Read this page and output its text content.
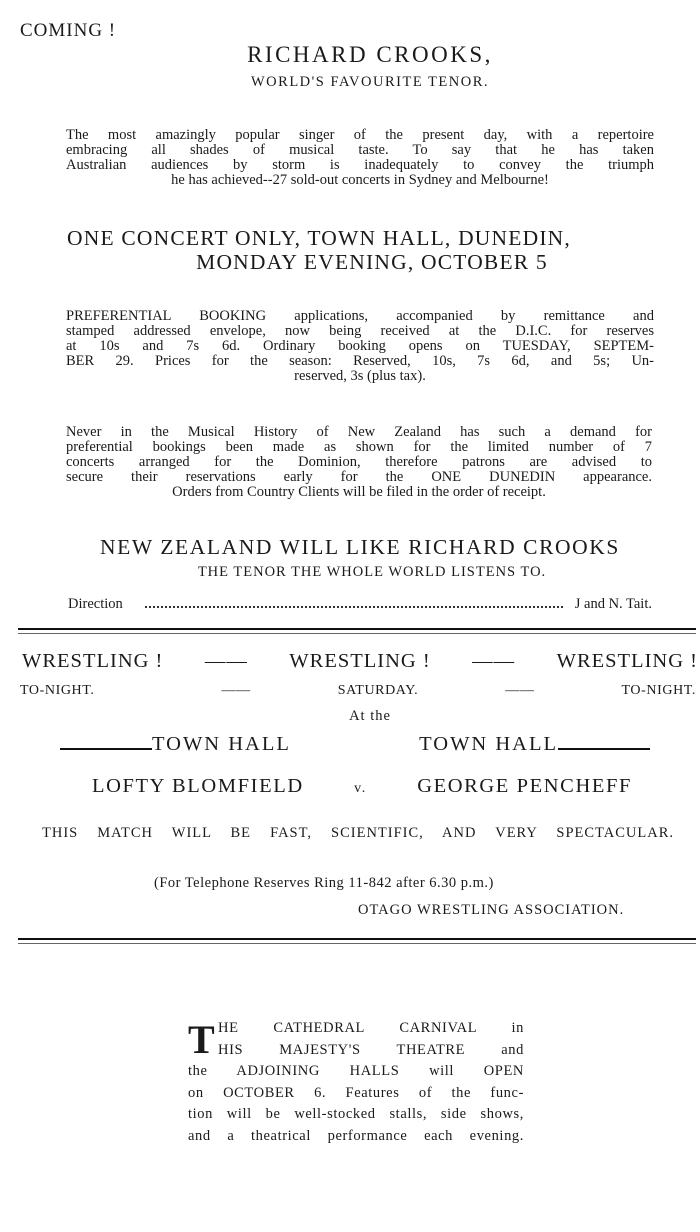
COMING !
RICHARD CROOKS,
WORLD'S FAVOURITE TENOR.
The most amazingly popular singer of the present day, with a repertoire
embracing all shades of musical taste. To say that he has taken
Australian audiences by storm is inadequately to convey the triumph
he has achieved--27 sold-out concerts in Sydney and Melbourne!
ONE CONCERT ONLY, TOWN HALL, DUNEDIN,
MONDAY EVENING, OCTOBER 5
PREFERENTIAL BOOKING applications, accompanied by remittance and
stamped addressed envelope, now being received at the D.I.C. for reserves
at 10s and 7s 6d. Ordinary booking opens on TUESDAY, SEPTEM-
BER 29. Prices for the season: Reserved, 10s, 7s 6d, and 5s; Un-
reserved, 3s (plus tax).
Never in the Musical History of New Zealand has such a demand for
preferential bookings been made as shown for the limited number of 7
concerts arranged for the Dominion, therefore patrons are advised to
secure their reservations early for the ONE DUNEDIN appearance.
Orders from Country Clients will be filed in the order of receipt.
NEW ZEALAND WILL LIKE RICHARD CROOKS
THE TENOR THE WHOLE WORLD LISTENS TO.
Direction	J and N. Tait.
WRESTLING ! —— WRESTLING ! —— WRESTLING !
TO-NIGHT.	——	SATURDAY.	——	TO-NIGHT.
At the
TOWN HALL	TOWN HALL
LOFTY BLOMFIELD	v. GEORGE PENCHEFF
THIS MATCH WILL BE FAST, SCIENTIFIC, AND VERY SPECTACULAR.
(For Telephone Reserves Ring 11-842 after 6.30 p.m.)
OTAGO WRESTLING ASSOCIATION.
T HE CATHEDRAL CARNIVAL in

HIS MAJESTY'S THEATRE and

the ADJOINING HALLS will OPEN

on OCTOBER 6. Features of the func-

tion will be well-stocked stalls, side shows,

and a theatrical performance each evening.
